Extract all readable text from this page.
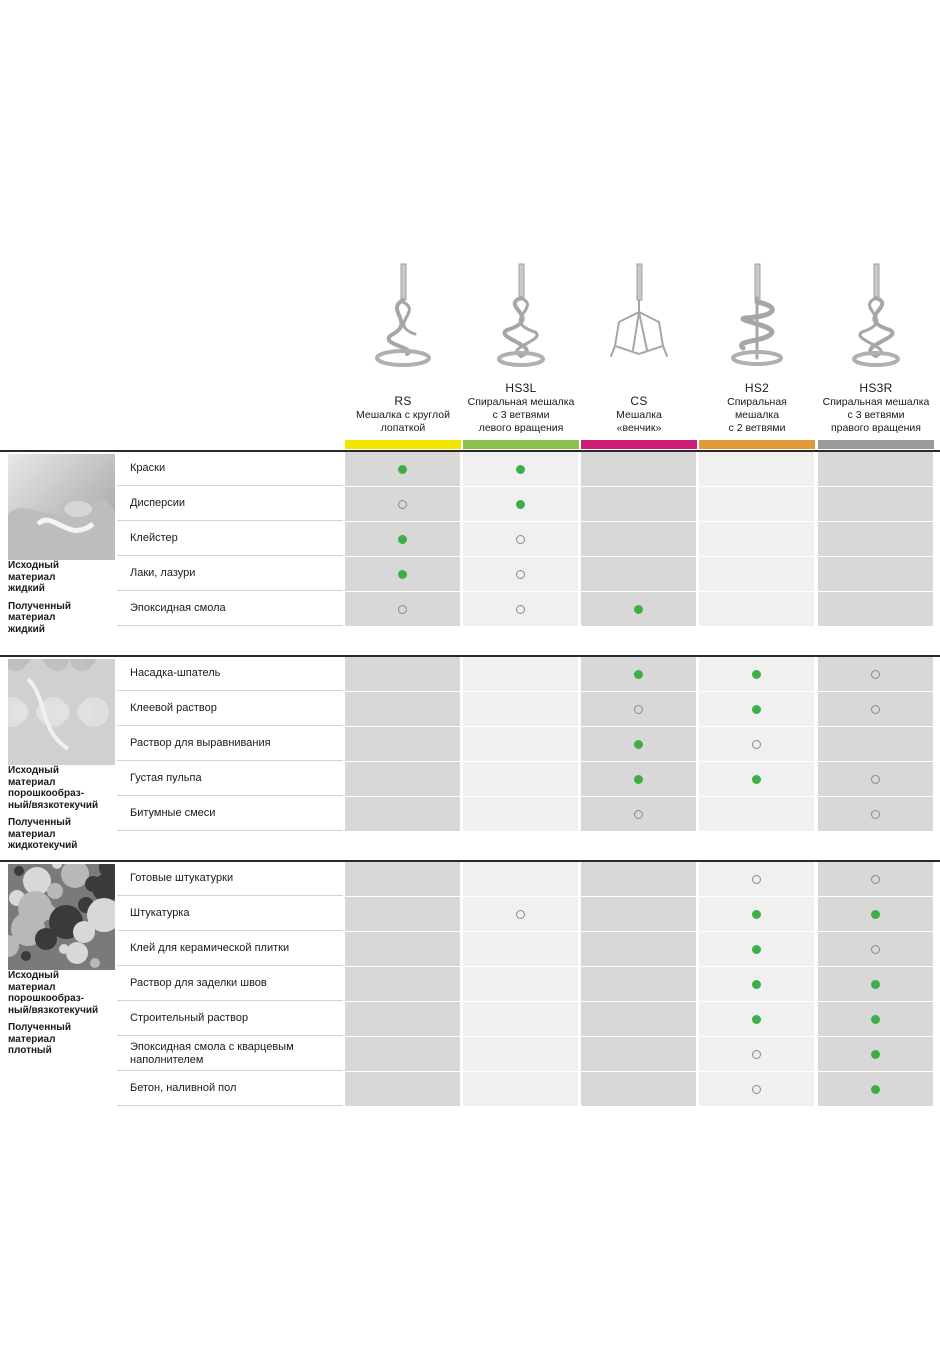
RS
Мешалка с круглой
лопаткой
HS3L
Спиральная мешалка
с 3 ветвями
левого вращения
CS
Мешалка
«венчик»
HS2
Спиральная
мешалка
с 2 ветвями
HS3R
Спиральная мешалка
с 3 ветвями
правого вращения
Исходный
материал
жидкий
Полученный
материал
жидкий
Краски
Дисперсии
Клейстер
Лаки, лазури
Эпоксидная смола
Исходный
материал
порошкообраз-
ный/вязкотекучий
Полученный
материал
жидкотекучий
Насадка-шпатель
Клеевой раствор
Раствор для выравнивания
Густая пульпа
Битумные смеси
Исходный
материал
порошкообраз-
ный/вязкотекучий
Полученный
материал
плотный
Готовые штукатурки
Штукатурка
Клей для керамической плитки
Раствор для заделки швов
Строительный раствор
Эпоксидная смола с кварцевым
наполнителем
Бетон, наливной пол
